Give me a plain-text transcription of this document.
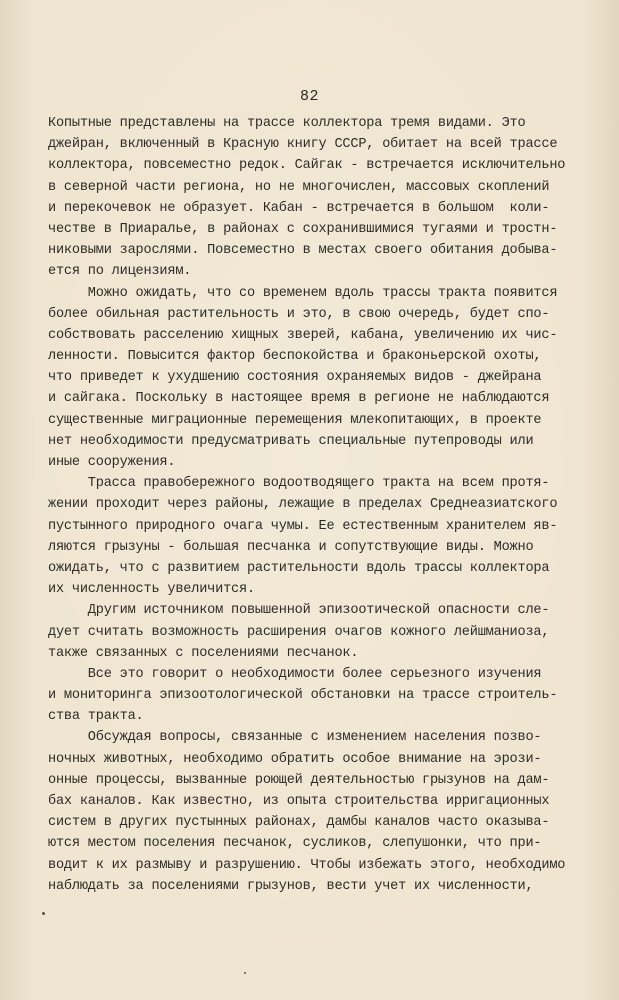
82
Копытные представлены на трассе коллектора тремя видами. Это
джейран, включенный в Красную книгу СССР, обитает на всей трассе
коллектора, повсеместно редок. Сайгак - встречается исключительно
в северной части региона, но не многочислен, массовых скоплений
и перекочевок не образует. Кабан - встречается в большом  коли-
честве в Приаралье, в районах с сохранившимися тугаями и тростн-
никовыми зарослями. Повсеместно в местах своего обитания добыва-
ется по лицензиям.
Можно ожидать, что со временем вдоль трассы тракта появится
более обильная растительность и это, в свою очередь, будет спо-
собствовать расселению хищных зверей, кабана, увеличению их чис-
ленности. Повысится фактор беспокойства и браконьерской охоты,
что приведет к ухудшению состояния охраняемых видов - джейрана
и сайгака. Поскольку в настоящее время в регионе не наблюдаются
существенные миграционные перемещения млекопитающих, в проекте
нет необходимости предусматривать специальные путепроводы или
иные сооружения.
Трасса правобережного водоотводящего тракта на всем протя-
жении проходит через районы, лежащие в пределах Среднеазиатского
пустынного природного очага чумы. Ее естественным хранителем яв-
ляются грызуны - большая песчанка и сопутствующие виды. Можно
ожидать, что с развитием растительности вдоль трассы коллектора
их численность увеличится.
Другим источником повышенной эпизоотической опасности сле-
дует считать возможность расширения очагов кожного лейшманиоза,
также связанных с поселениями песчанок.
Все это говорит о необходимости более серьезного изучения
и мониторинга эпизоотологической обстановки на трассе строитель-
ства тракта.
Обсуждая вопросы, связанные с изменением населения позво-
ночных животных, необходимо обратить особое внимание на эрози-
онные процессы, вызванные роющей деятельностью грызунов на дам-
бах каналов. Как известно, из опыта строительства ирригационных
систем в других пустынных районах, дамбы каналов часто оказыва-
ются местом поселения песчанок, сусликов, слепушонки, что при-
водит к их размыву и разрушению. Чтобы избежать этого, необходимо
наблюдать за поселениями грызунов, вести учет их численности,
